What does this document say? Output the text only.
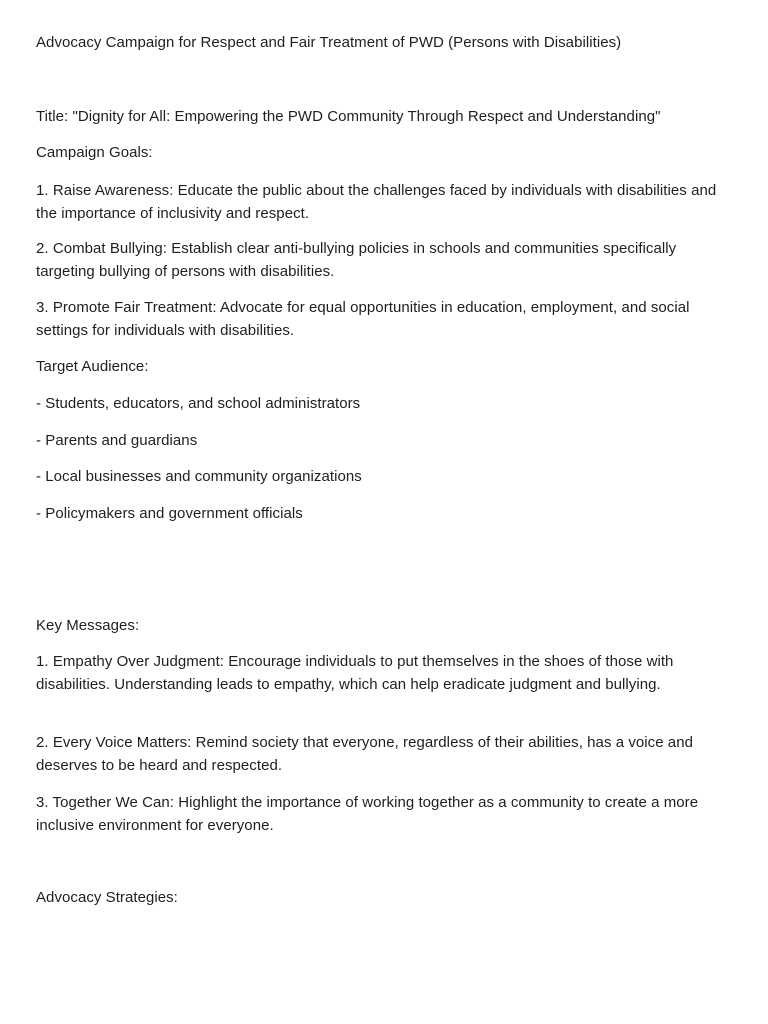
Advocacy Campaign for Respect and Fair Treatment of PWD (Persons with Disabilities)

Title: "Dignity for All: Empowering the PWD Community Through Respect and Understanding"

Campaign Goals:

1. Raise Awareness: Educate the public about the challenges faced by individuals with disabilities and the importance of inclusivity and respect.

2. Combat Bullying: Establish clear anti-bullying policies in schools and communities specifically targeting bullying of persons with disabilities.

3. Promote Fair Treatment: Advocate for equal opportunities in education, employment, and social settings for individuals with disabilities.

Target Audience:

- Students, educators, and school administrators

- Parents and guardians

- Local businesses and community organizations

- Policymakers and government officials

Key Messages:

1. Empathy Over Judgment: Encourage individuals to put themselves in the shoes of those with disabilities. Understanding leads to empathy, which can help eradicate judgment and bullying.

2. Every Voice Matters: Remind society that everyone, regardless of their abilities, has a voice and deserves to be heard and respected.

3. Together We Can: Highlight the importance of working together as a community to create a more inclusive environment for everyone.

Advocacy Strategies:
